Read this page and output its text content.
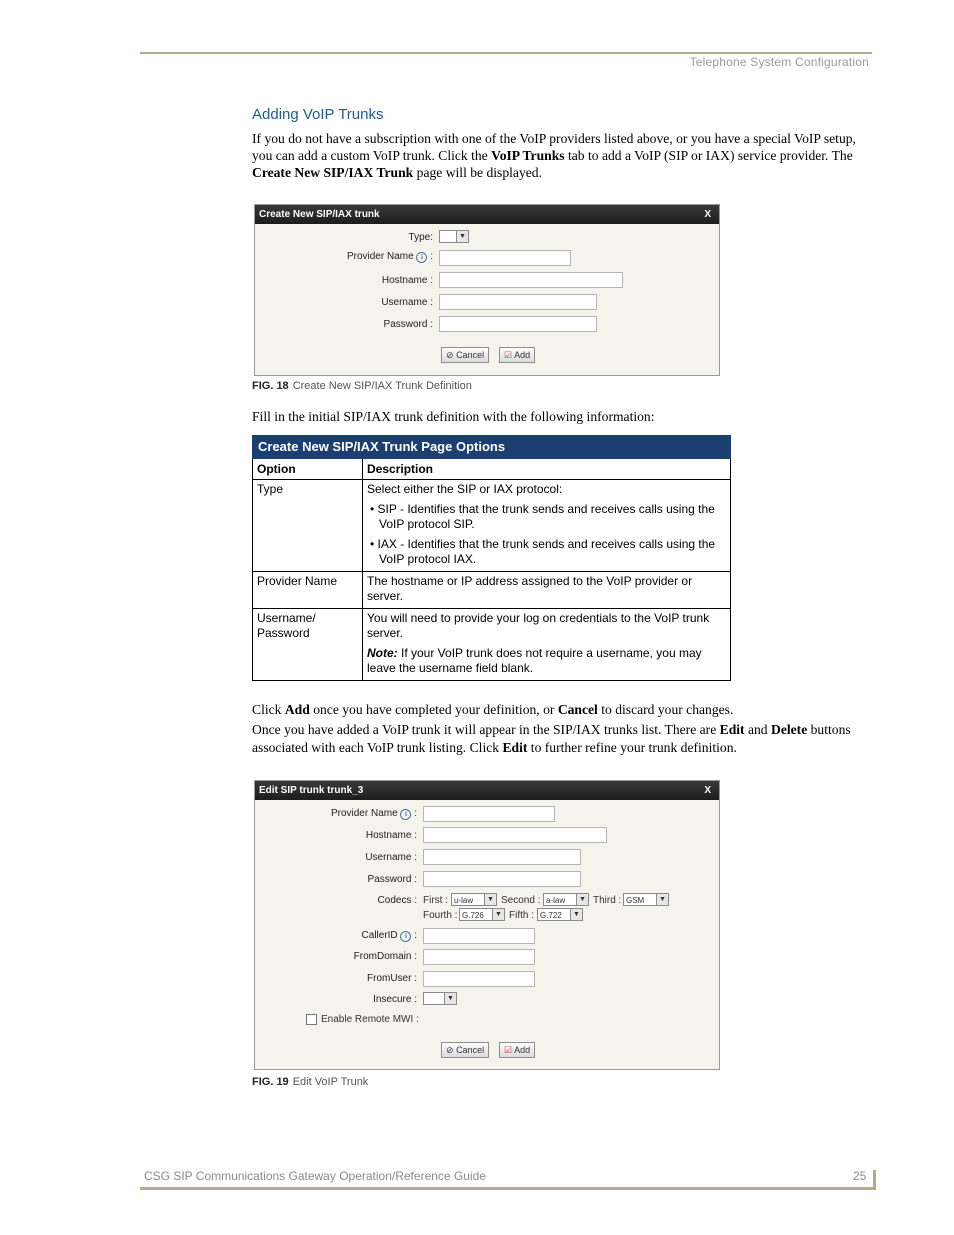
Telephone System Configuration
Adding VoIP Trunks
If you do not have a subscription with one of the VoIP providers listed above, or you have a special VoIP setup, you can add a custom VoIP trunk. Click the VoIP Trunks tab to add a VoIP (SIP or IAX) service provider. The Create New SIP/IAX Trunk page will be displayed.
Create New SIP/IAX trunk	X
Type:	▼
Provider Name i :
Hostname :
Username :
Password :
⊘ Cancel	☑ Add
FIG. 18 Create New SIP/IAX Trunk Definition
Fill in the initial SIP/IAX trunk definition with the following information:
Create New SIP/IAX Trunk Page Options	
Option	Description
Type	Select either the SIP or IAX protocol:
• SIP - Identifies that the trunk sends and receives calls using the VoIP protocol SIP.
• IAX - Identifies that the trunk sends and receives calls using the VoIP protocol IAX.

Provider Name	The hostname or IP address assigned to the VoIP provider or server.
Username/ Password	You will need to provide your log on credentials to the VoIP trunk server.
Note: If your VoIP trunk does not require a username, you may leave the username field blank.
Click Add once you have completed your definition, or Cancel to discard your changes.
Once you have added a VoIP trunk it will appear in the SIP/IAX trunks list. There are Edit and Delete buttons associated with each VoIP trunk listing. Click Edit to further refine your trunk definition.
Edit SIP trunk trunk_3	X
Provider Name i :
Hostname :
Username :
Password :
Codecs : First : u-law	▼ Second : a-law	▼ Third : GSM	▼
Fourth : G.726	▼ Fifth : G.722	▼
CallerID i :
FromDomain :
FromUser :
Insecure :	▼
Enable Remote MWI :
⊘ Cancel	☑ Add
FIG. 19 Edit VoIP Trunk
CSG SIP Communications Gateway Operation/Reference Guide	25
